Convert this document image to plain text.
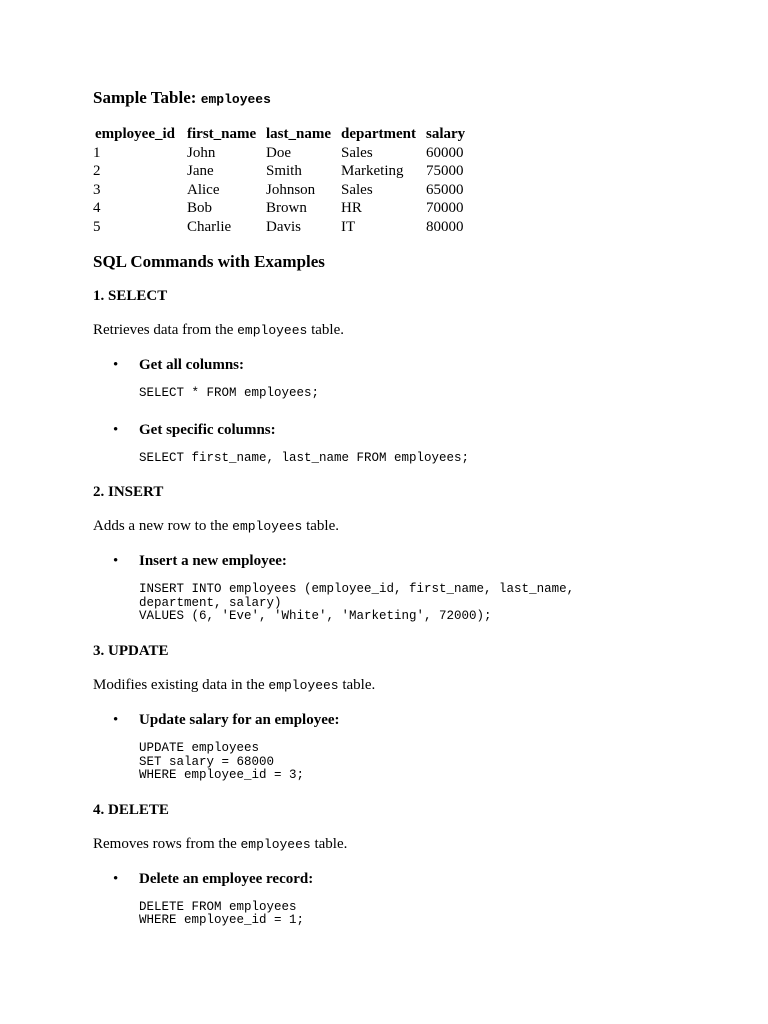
Sample Table: employees
employee_id	first_name	last_name	department	salary
1	John	Doe	Sales	60000
2	Jane	Smith	Marketing	75000
3	Alice	Johnson	Sales	65000
4	Bob	Brown	HR	70000
5	Charlie	Davis	IT	80000
SQL Commands with Examples
1. SELECT

Retrieves data from the employees table.

• Get all columns:
SELECT * FROM employees;
• Get specific columns:
SELECT first_name, last_name FROM employees;
2. INSERT

Adds a new row to the employees table.

• Insert a new employee:
INSERT INTO employees (employee_id, first_name, last_name,
department, salary)
VALUES (6, 'Eve', 'White', 'Marketing', 72000);
3. UPDATE

Modifies existing data in the employees table.

• Update salary for an employee:
UPDATE employees
SET salary = 68000
WHERE employee_id = 3;
4. DELETE

Removes rows from the employees table.

• Delete an employee record:
DELETE FROM employees
WHERE employee_id = 1;
